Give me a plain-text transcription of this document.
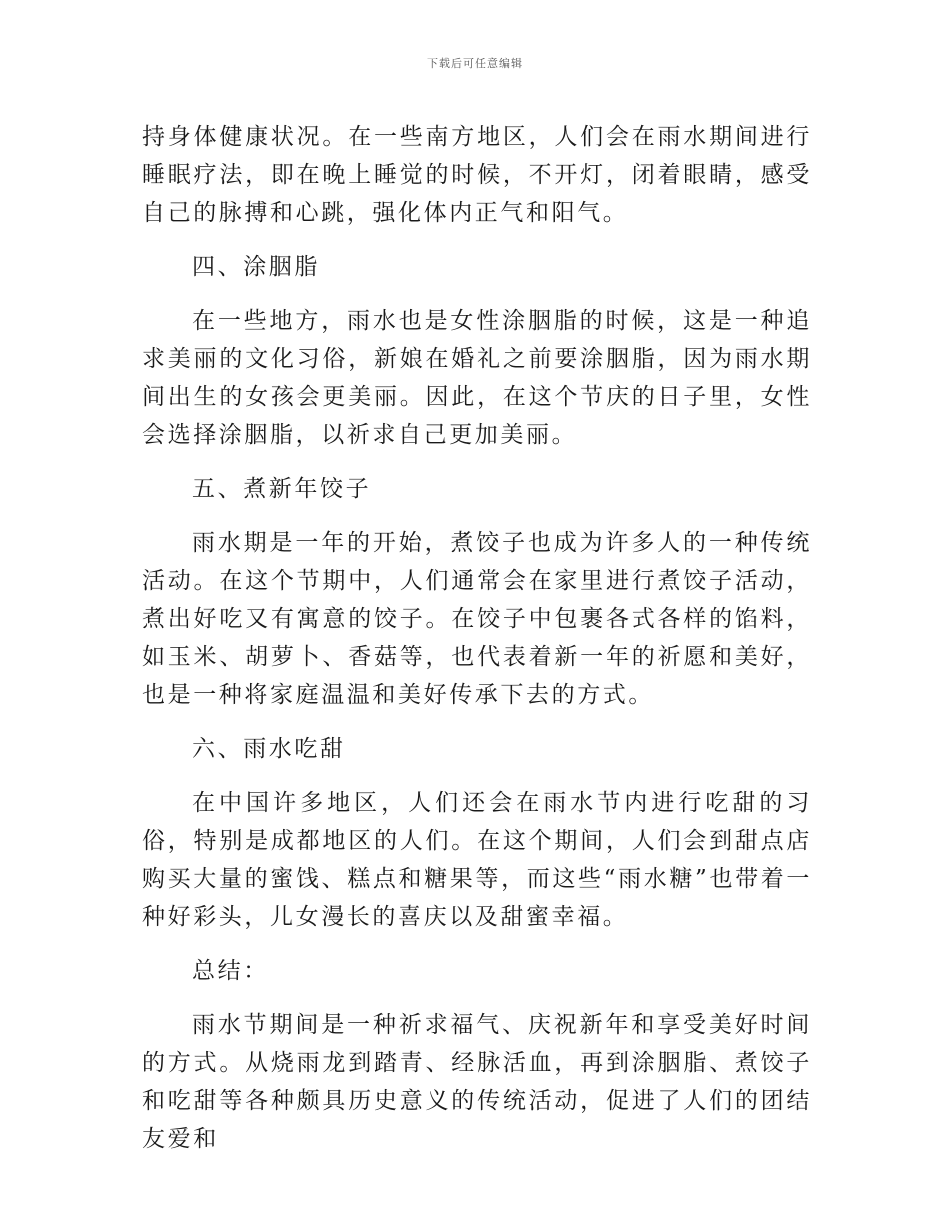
下载后可任意编辑

持身体健康状况。在一些南方地区，人们会在雨水期间进行睡眠疗法，即在晚上睡觉的时候，不开灯，闭着眼睛，感受自己的脉搏和心跳，强化体内正气和阳气。

四、涂胭脂

在一些地方，雨水也是女性涂胭脂的时候，这是一种追求美丽的文化习俗，新娘在婚礼之前要涂胭脂，因为雨水期间出生的女孩会更美丽。因此，在这个节庆的日子里，女性会选择涂胭脂，以祈求自己更加美丽。

五、煮新年饺子

雨水期是一年的开始，煮饺子也成为许多人的一种传统活动。在这个节期中，人们通常会在家里进行煮饺子活动，煮出好吃又有寓意的饺子。在饺子中包裹各式各样的馅料，如玉米、胡萝卜、香菇等，也代表着新一年的祈愿和美好，也是一种将家庭温温和美好传承下去的方式。

六、雨水吃甜

在中国许多地区，人们还会在雨水节内进行吃甜的习俗，特别是成都地区的人们。在这个期间，人们会到甜点店购买大量的蜜饯、糕点和糖果等，而这些“雨水糖”也带着一种好彩头，儿女漫长的喜庆以及甜蜜幸福。

总结：

雨水节期间是一种祈求福气、庆祝新年和享受美好时间的方式。从烧雨龙到踏青、经脉活血，再到涂胭脂、煮饺子和吃甜等各种颇具历史意义的传统活动，促进了人们的团结友爱和
